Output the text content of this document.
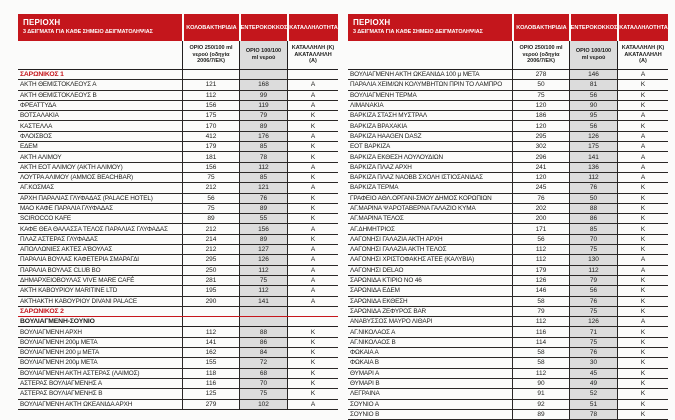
ΠΕΡΙΟΧΗ
3 ΔΕΙΓΜΑΤΑ ΓΙΑ ΚΑΘΕ ΣΗΜΕΙΟ ΔΕΙΓΜΑΤΟΛΗΨΙΑΣ
ΚΟΛΟΒΑΚΤΗΡΙΔΙΑ ΕΝΤΕΡΟΚΟΚΚΟΣ ΚΑΤΑΛΛΗΛΟΤΗΤΑ
ΟΡΙΟ 250/100 ml νερού (οδηγία 2006/7/ΕΚ)
ΟΡΙΟ 100/100 ml νερού
ΚΑΤΑΛΛΗΛΗ (Κ) ΑΚΑΤΑΛΛΗΛΗ (Α)
ΣΑΡΩΝΙΚΟΣ 1
ΑΚΤΗ ΘΕΜΙΣΤΟΚΛΕΟΥΣ Α	121	168	Α
ΑΚΤΗ ΘΕΜΙΣΤΟΚΛΕΟΥΣ Β	112	99	Α
ΦΡΕΑΤΤΥΔΑ	156	119	Α
ΒΟΤΣΑΛΑΚΙΑ	175	79	Κ
ΚΑΣΤΕΛΛΑ	170	89	Κ
ΦΛΟΙΣΒΟΣ	412	176	Α
ΕΔΕΜ	179	85	Κ
ΑΚΤΗ ΑΛΙΜΟΥ	181	78	Κ
ΑΚΤΗ ΕΟΤ ΑΛΙΜΟΥ (ΑΚΤΗ ΑΛΙΜΟΥ)	156	112	Α
ΛΟΥΤΡΑ ΑΛΙΜΟΥ (ΑΜΜΟΣ BEACHBAR)	75	85	Κ
ΑΓ.ΚΟΣΜΑΣ	212	121	Α
ΑΡΧΗ ΠΑΡΑΛΙΑΣ ΓΛΥΦΑΔΑΣ (PALACE HOTEL)	56	76	Κ
ΜΑΟ ΚΑΦΕ ΠΑΡΑΛΙΑ ΓΛΥΦΑΔΑΣ	75	89	Κ
SCIROCCO KAFE	89	55	Κ
ΚΑΦΕ ΘΕΑ ΘΑΛΑΣΣΑ ΤΕΛΟΣ ΠΑΡΑΛΙΑΣ ΓΛΥΦΑΔΑΣ	212	156	Α
ΠΛΑΖ ΑΣΤΕΡΑΣ ΓΛΥΦΑΔΑΣ	214	89	Κ
ΑΠΟΛΛΩΝΙΕΣ ΑΚΤΕΣ Α'ΒΟΥΛΑΣ	212	127	Α
ΠΑΡΑΛΙΑ ΒΟΥΛΑΣ ΚΑΦΕΤΕΡΙΑ ΣΜΑΡΑΓΔΙ	295	126	Α
ΠΑΡΑΛΙΑ ΒΟΥΛΑΣ CLUB BO	250	112	Α
ΔΗΜΑΡΧΕΙΟΒΟΥΛΑΣ VIVE MARE CAFÉ	281	75	Α
ΑΚΤΗ ΚΑΒΟΥΡΙΟΥ MARITINE LTD	195	112	Α
ΑΚΤΗΑΚΤΗ ΚΑΒΟΥΡΙΟΥ DIVANI PALACE	290	141	Α
ΣΑΡΩΝΙΚΟΣ 2
ΒΟΥΛΙΑΓΜΕΝΗ-ΣΟΥΝΙΟ
ΒΟΥΛΙΑΓΜΕΝΗ ΑΡΧΗ	112	88	Κ
ΒΟΥΛΙΑΓΜΕΝΗ 200μ ΜΕΤΑ	141	86	Κ
ΒΟΥΛΙΑΓΜΕΝΗ 200 μ ΜΕΤΑ	162	84	Κ
ΒΟΥΛΙΑΓΜΕΝΗ 200μ ΜΕΤΑ	155	72	Κ
ΒΟΥΛΙΑΓΜΕΝΗ ΑΚΤΗ ΑΣΤΕΡΑΣ (ΛΑΙΜΟΣ)	118	68	Κ
ΑΣΤΕΡΑΣ ΒΟΥΛΙΑΓΜΕΝΗΣ Α	116	70	Κ
ΑΣΤΕΡΑΣ ΒΟΥΛΙΑΓΜΕΝΗΣ Β	125	75	Κ
ΒΟΥΛΙΑΓΜΕΝΗ ΑΚΤΗ ΩΚΕΑΝΙΔΑ ΑΡΧΗ	279	102	Α
ΠΕΡΙΟΧΗ
3 ΔΕΙΓΜΑΤΑ ΓΙΑ ΚΑΘΕ ΣΗΜΕΙΟ ΔΕΙΓΜΑΤΟΛΗΨΙΑΣ
ΚΟΛΟΒΑΚΤΗΡΙΔΙΑ ΕΝΤΕΡΟΚΟΚΚΟΣ ΚΑΤΑΛΛΗΛΟΤΗΤΑ
ΟΡΙΟ 250/100 ml νερού (οδηγία 2006/7/ΕΚ)
ΟΡΙΟ 100/100 ml νερού
ΚΑΤΑΛΛΗΛΗ (Κ) ΑΚΑΤΑΛΛΗΛΗ (Α)
ΒΟΥΛΙΑΓΜΕΝΗ ΑΚΤΗ ΩΚΕΑΝΙΔΑ 100 μ ΜΕΤΑ	278	146	Α
ΠΑΡΑΛΙΑ ΧΕΙΜ/ΩΝ ΚΟΛΥΜΒΗΤΩΝ ΠΡΙΝ ΤΟ ΛΑΜΠΡΟ	50	81	Κ
ΒΟΥΛΙΑΓΜΕΝΗ ΤΕΡΜΑ	75	56	Κ
ΛΙΜΑΝΑΚΙΑ	120	90	Κ
ΒΑΡΚΙΖΑ ΣΤΑΣΗ ΜΥΣΤΡΑΛ	186	95	Α
ΒΑΡΚΙΖΑ ΒΡΑΧΑΚΙΑ	120	56	Κ
ΒΑΡΚΙΖΑ HAAGEN DASZ	295	126	Α
ΕΟΤ ΒΑΡΚΙΖΑ	302	175	Α
ΒΑΡΚΙΖΑ ΕΚΘΕΣΗ ΛΟΥΛΟΥΔΙΩΝ	296	141	Α
ΒΑΡΚΙΖΑ ΠΛΑΖ ΑΡΧΗ	241	136	Α
ΒΑΡΚΙΖΑ ΠΛΑΖ ΝΑΟΒΒ ΣΧΟΛΗ ΙΣΤΙΟΣΑΝΙΔΑΣ	120	112	Α
ΒΑΡΚΙΖΑ ΤΕΡΜΑ	245	76	Κ
ΓΡΑΦΕΙΟ ΑΘΛ.ΟΡΓΑΝΙ-ΣΜΟΥ ΔΗΜΟΣ ΚΟΡΩΠΙΩΝ	76	50	Κ
ΑΓ.ΜΑΡΙΝΑ ΨΑΡΟΤΑΒΕΡΝΑ ΓΑΛΑΖΙΟ ΚΥΜΑ	202	88	Κ
ΑΓ.ΜΑΡΙΝΑ ΤΕΛΟΣ	200	86	Κ
ΑΓ.ΔΗΜΗΤΡΙΟΣ	171	85	Κ
ΛΑΓΟΝΗΣΙ ΓΑΛΑΖΙΑ ΑΚΤΗ ΑΡΧΗ	56	70	Κ
ΛΑΓΟΝΗΣΙ ΓΑΛΑΖΙΑ ΑΚΤΗ ΤΕΛΟΣ	112	75	Κ
ΛΑΓΟΝΗΣΙ ΧΡΙΣΤΟΦΑΚΗΣ ΑΤΕΕ (ΚΑΛΥΒΙΑ)	112	130	Α
ΛΑΓΟΝΗΣΙ DELAO	179	112	Α
ΣΑΡΩΝΙΔΑ ΚΤΙΡΙΟ ΝΟ 46	126	79	Κ
ΣΑΡΩΝΙΔΑ ΕΔΕΜ	146	56	Κ
ΣΑΡΩΝΙΔΑ ΕΚΘΕΣΗ	58	76	Κ
ΣΑΡΩΝΙΔΑ ΖΕΦΥΡΟΣ BAR	79	75	Κ
ΑΝΑΒΥΣΣΟΣ ΜΑΥΡΟ ΛΙΘΑΡΙ	112	126	Α
ΑΓ.ΝΙΚΟΛΑΟΣ Α	116	71	Κ
ΑΓ.ΝΙΚΟΛΑΟΣ Β	114	75	Κ
ΦΩΚΑΙΑ Α	58	76	Κ
ΦΩΚΑΙΑ Β	58	30	Κ
ΘΥΜΑΡΙ Α	112	45	Κ
ΘΥΜΑΡΙ Β	90	49	Κ
ΛΕΓΡΑΙΝΑ	91	52	Κ
ΣΟΥΝΙΟ Α	92	51	Κ
ΣΟΥΝΙΟ Β	89	78	Κ
